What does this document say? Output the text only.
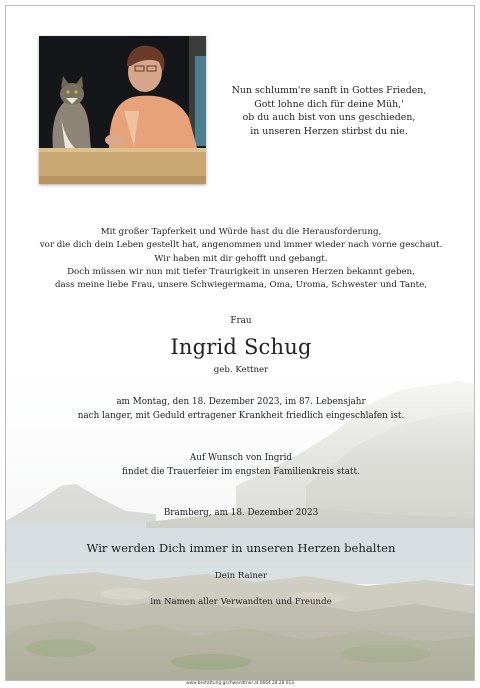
Nun schlumm're sanft in Gottes Frieden,
Gott lohne dich für deine Müh,'
ob du auch bist von uns geschieden,
in unseren Herzen stirbst du nie.
Mit großer Tapferkeit und Würde hast du die Herausforderung,
vor die dich dein Leben gestellt hat, angenommen und immer wieder nach vorne geschaut.
Wir haben mit dir gehofft und gebangt.
Doch müssen wir nun mit tiefer Traurigkeit in unseren Herzen bekannt geben,
dass meine liebe Frau, unsere Schwiegermama, Oma, Uroma, Schwester und Tante,
Frau
Ingrid Schug
geb. Kettner
am Montag, den 18. Dezember 2023, im 87. Lebensjahr
nach langer, mit Geduld ertragener Krankheit friedlich eingeschlafen ist.
Auf Wunsch von Ingrid
findet die Trauerfeier im engsten Familienkreis statt.
Bramberg, am 18. Dezember 2023
Wir werden Dich immer in unseren Herzen behalten
Dein Rainer
im Namen aller Verwandten und Freunde
www.bestattung-gschwendtner.at 0664 28 28 013
